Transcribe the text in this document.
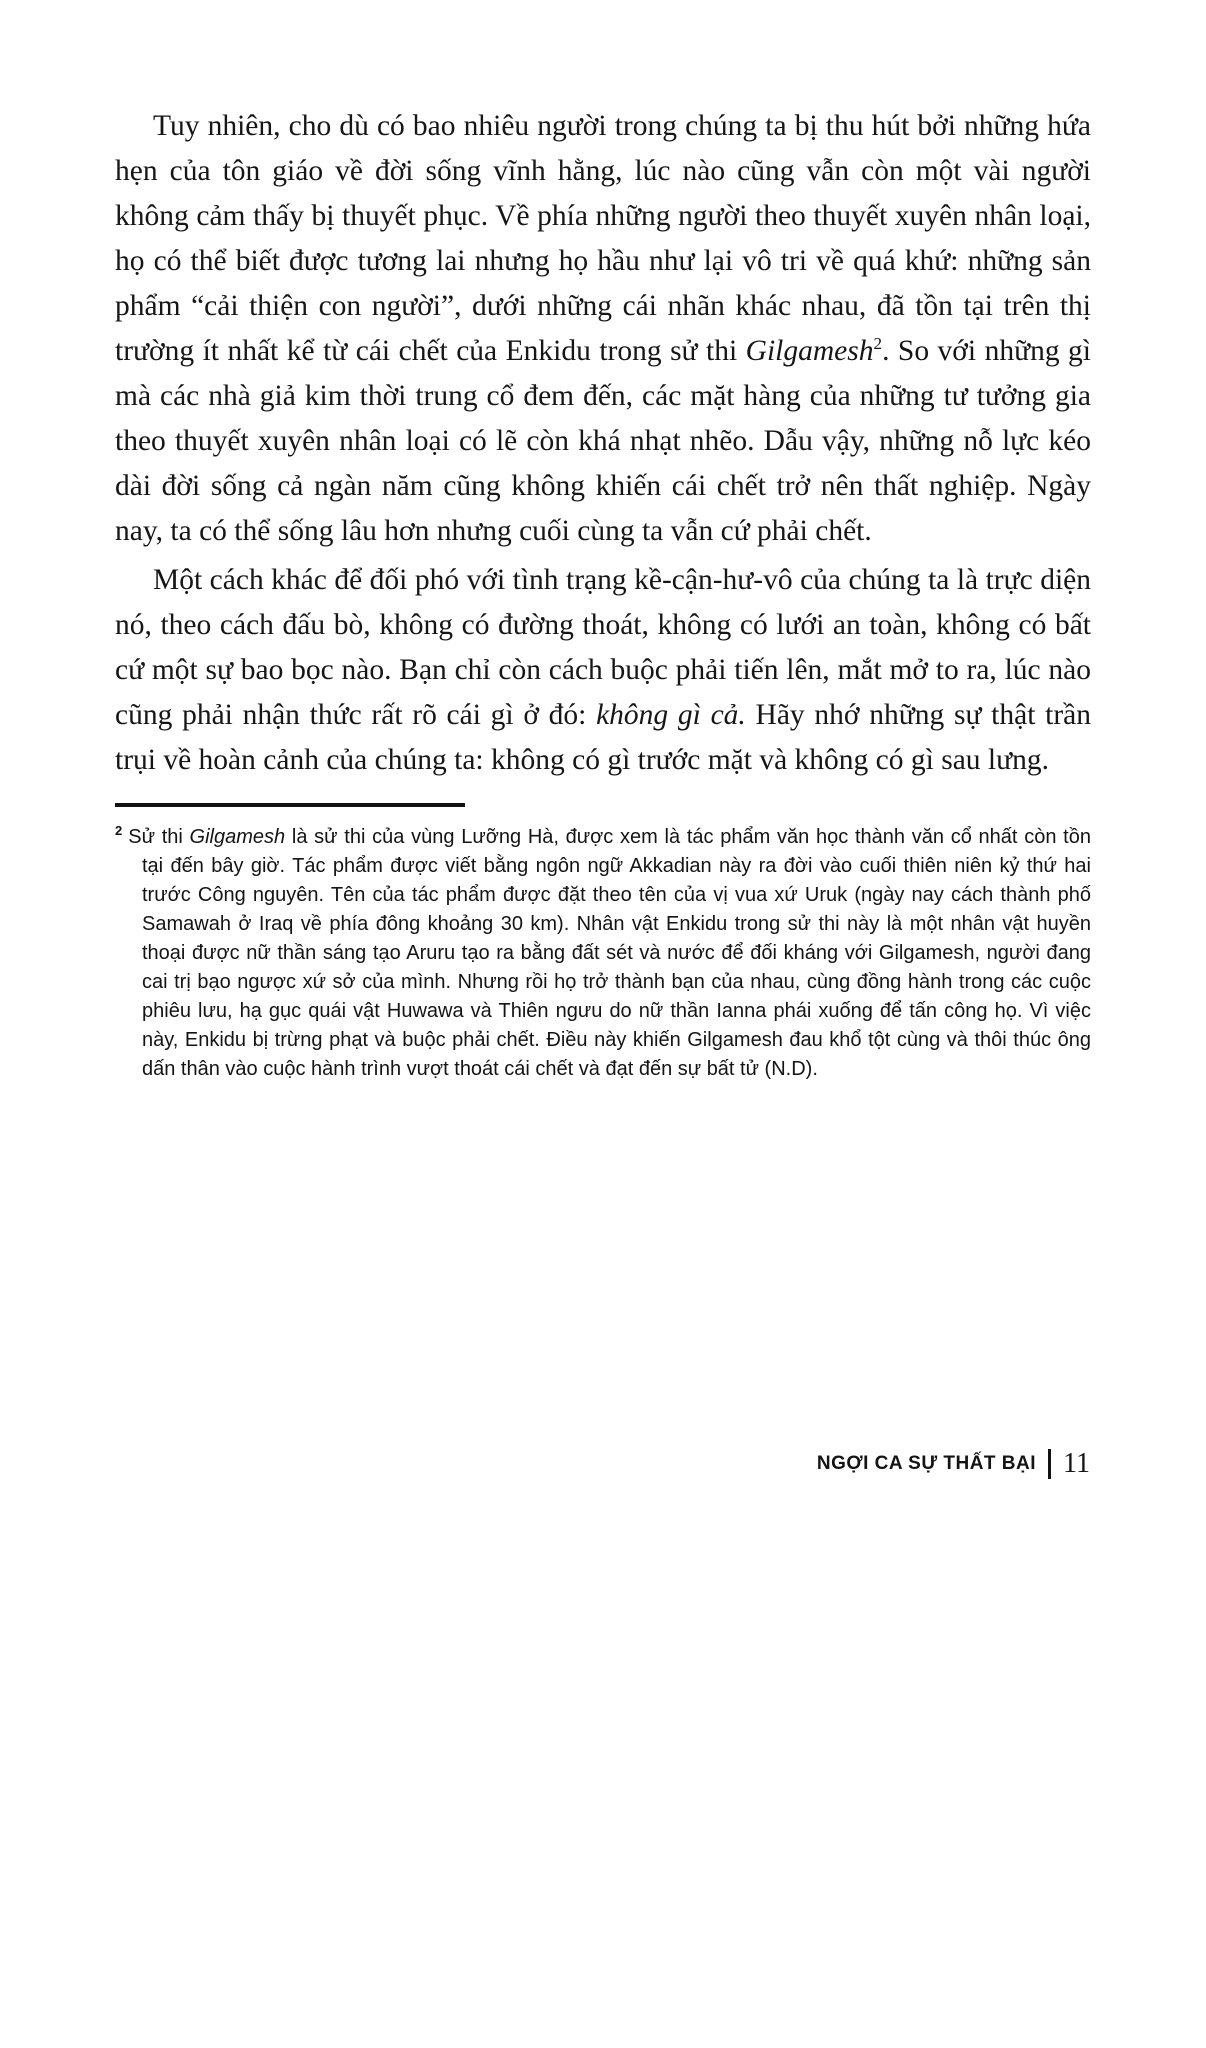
Tuy nhiên, cho dù có bao nhiêu người trong chúng ta bị thu hút bởi những hứa hẹn của tôn giáo về đời sống vĩnh hằng, lúc nào cũng vẫn còn một vài người không cảm thấy bị thuyết phục. Về phía những người theo thuyết xuyên nhân loại, họ có thể biết được tương lai nhưng họ hầu như lại vô tri về quá khứ: những sản phẩm “cải thiện con người”, dưới những cái nhãn khác nhau, đã tồn tại trên thị trường ít nhất kể từ cái chết của Enkidu trong sử thi Gilgamesh$^2$. So với những gì mà các nhà giả kim thời trung cổ đem đến, các mặt hàng của những tư tưởng gia theo thuyết xuyên nhân loại có lẽ còn khá nhạt nhẽo. Dẫu vậy, những nỗ lực kéo dài đời sống cả ngàn năm cũng không khiến cái chết trở nên thất nghiệp. Ngày nay, ta có thể sống lâu hơn nhưng cuối cùng ta vẫn cứ phải chết.

Một cách khác để đối phó với tình trạng kề-cận-hư-vô của chúng ta là trực diện nó, theo cách đấu bò, không có đường thoát, không có lưới an toàn, không có bất cứ một sự bao bọc nào. Bạn chỉ còn cách buộc phải tiến lên, mắt mở to ra, lúc nào cũng phải nhận thức rất rõ cái gì ở đó: không gì cả. Hãy nhớ những sự thật trần trụi về hoàn cảnh của chúng ta: không có gì trước mặt và không có gì sau lưng.

$^2$ Sử thi Gilgamesh là sử thi của vùng Lưỡng Hà, được xem là tác phẩm văn học thành văn cổ nhất còn tồn tại đến bây giờ. Tác phẩm được viết bằng ngôn ngữ Akkadian này ra đời vào cuối thiên niên kỷ thứ hai trước Công nguyên. Tên của tác phẩm được đặt theo tên của vị vua xứ Uruk (ngày nay cách thành phố Samawah ở Iraq về phía đông khoảng 30 km). Nhân vật Enkidu trong sử thi này là một nhân vật huyền thoại được nữ thần sáng tạo Aruru tạo ra bằng đất sét và nước để đối kháng với Gilgamesh, người đang cai trị bạo ngược xứ sở của mình. Nhưng rồi họ trở thành bạn của nhau, cùng đồng hành trong các cuộc phiêu lưu, hạ gục quái vật Huwawa và Thiên ngưu do nữ thần Ianna phái xuống để tấn công họ. Vì việc này, Enkidu bị trừng phạt và buộc phải chết. Điều này khiến Gilgamesh đau khổ tột cùng và thôi thúc ông dấn thân vào cuộc hành trình vượt thoát cái chết và đạt đến sự bất tử (N.D).

NGỢI CA SỰ THẤT BẠI 11
